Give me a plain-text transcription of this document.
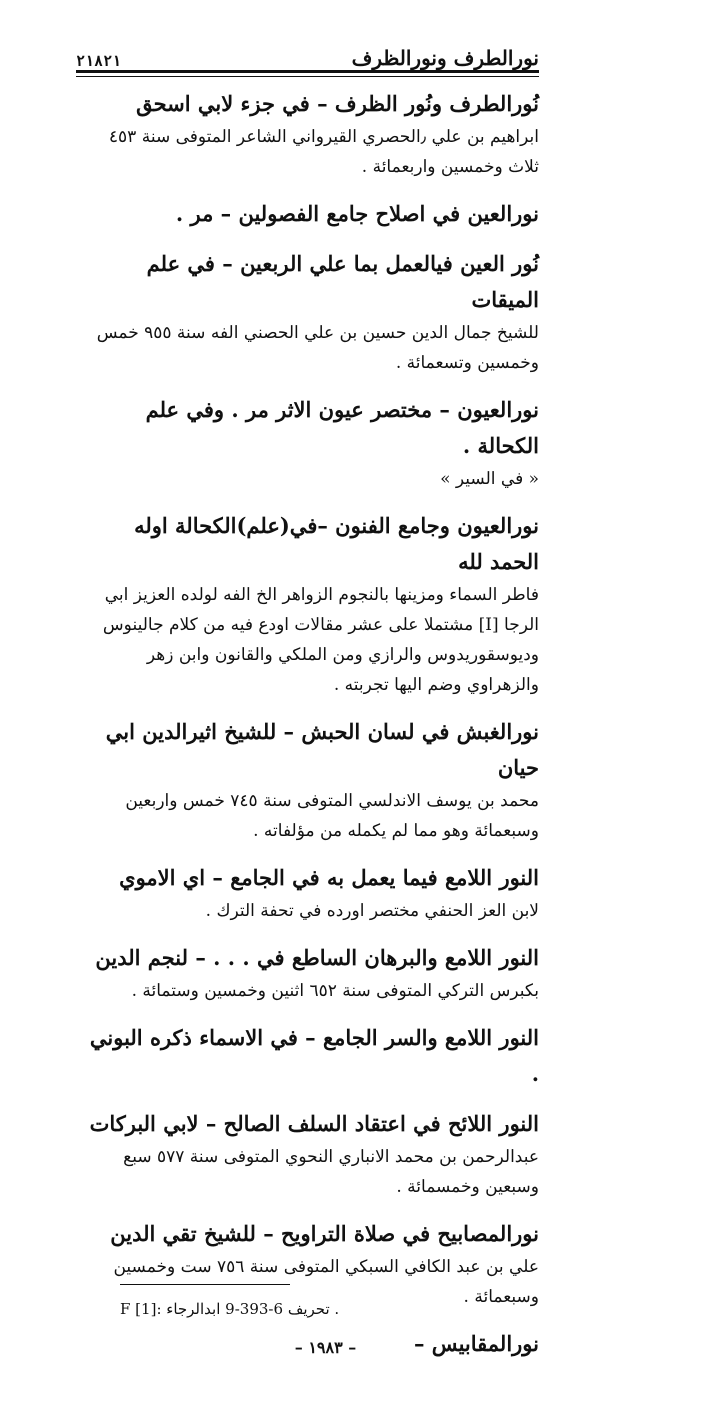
۲۱۸۲۱	نورالطرف ونورالظرف
نُورالطرف ونُور الظرف – في جزء لابي اسحق
ابراهيم بن علي ٫الحصري القيرواني الشاعر المتوفى سنة ٤٥٣ ثلاث وخمسين واربعمائة .
نورالعين في اصلاح جامع الفصولين – مر .
نُور العين فيالعمل بما علي الربعين – في علم الميقات
للشيخ جمال الدين حسين بن علي الحصني الفه سنة ٩٥٥ خمس وخمسين وتسعمائة .
نورالعيون – مختصر عيون الاثر مر . وفي علم الكحالة .
« في السير »
نورالعيون وجامع الفنون –في(علم)الكحالة اوله الحمد لله
فاطر السماء ومزينها بالنجوم الزواهر الخ الفه لولده العزيز ابي الرجا [I] مشتملا على عشر مقالات اودع فيه من كلام جالينوس وديوسقوريدوس والرازي ومن الملكي والقانون وابن زهر والزهراوي وضم اليها تجربته .
نورالغبش في لسان الحبش – للشيخ اثيرالدين ابي حيان
محمد بن يوسف الاندلسي المتوفى سنة ٧٤٥ خمس واربعين وسبعمائة وهو مما لم يكمله من مؤلفاته .
النور اللامع فيما يعمل به في الجامع – اي الاموي
لابن العز الحنفي مختصر اورده في تحفة الترك .
النور اللامع والبرهان الساطع في . . . – لنجم الدين
بكبرس التركي المتوفى سنة ٦٥٢ اثنين وخمسين وستمائة .
النور اللامع والسر الجامع – في الاسماء ذكره البوني .
النور اللائح في اعتقاد السلف الصالح – لابي البركات
عبدالرحمن بن محمد الانباري النحوي المتوفى سنة ٥٧٧ سبع وسبعين وخمسمائة .
نورالمصابيح في صلاة التراويح – للشيخ تقي الدين
علي بن عبد الكافي السبكي المتوفى سنة ٧٥٦ ست وخمسين وسبعمائة .
نورالمقابيس –
. تحريف 6-393-9 ابدالرجاء :F [1]
– ١٩٨٣ –
